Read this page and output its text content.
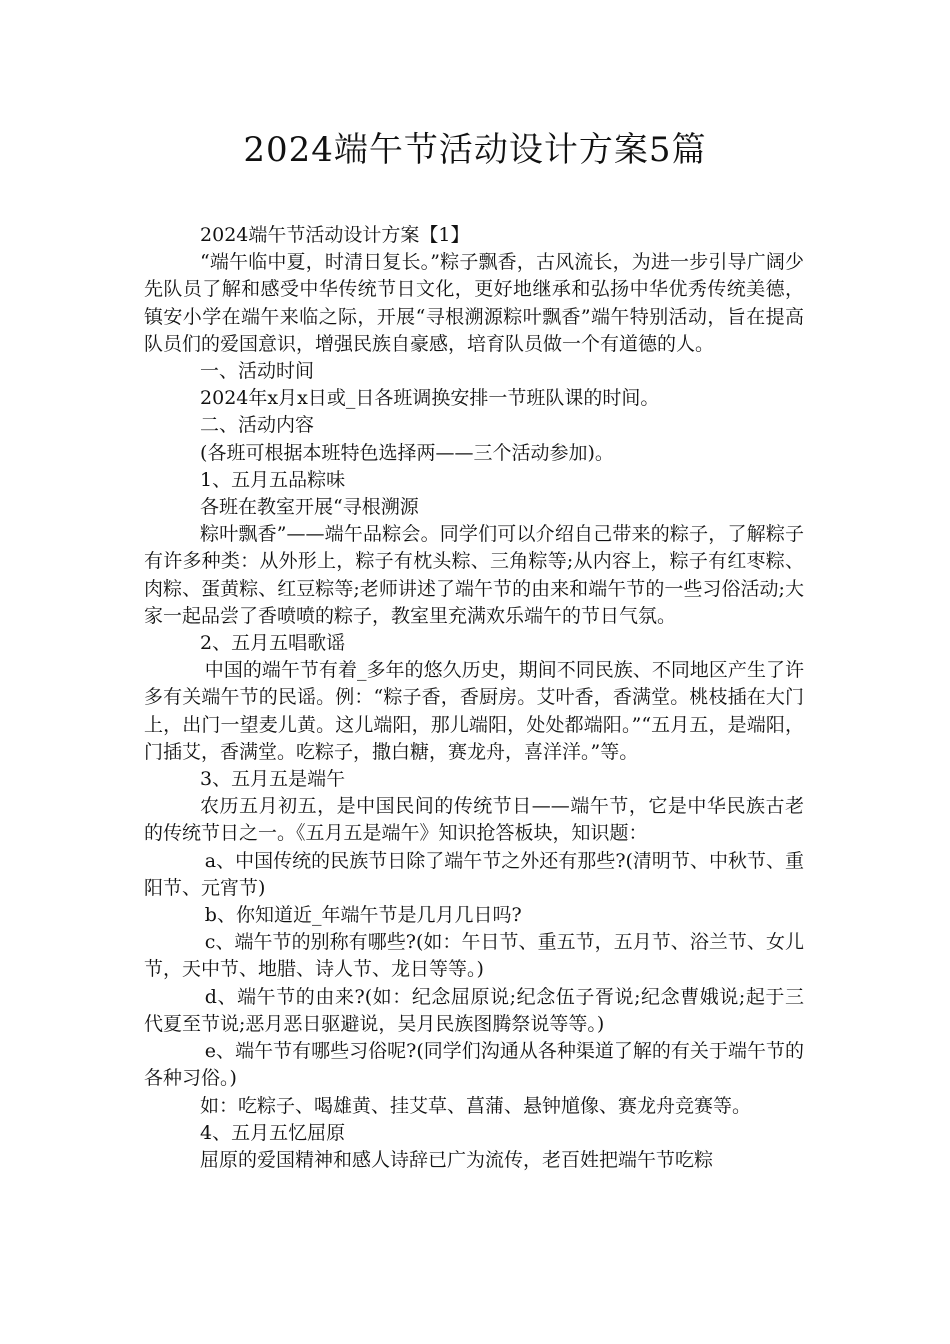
2024端午节活动设计方案5篇

2024端午节活动设计方案【1】

“端午临中夏，时清日复长。”粽子飘香，古风流长，为进一步引导广阔少先队员了解和感受中华传统节日文化，更好地继承和弘扬中华优秀传统美德，镇安小学在端午来临之际，开展“寻根溯源粽叶飘香”端午特别活动，旨在提高队员们的爱国意识，增强民族自豪感，培育队员做一个有道德的人。

一、活动时间

2024年x月x日或_日各班调换安排一节班队课的时间。

二、活动内容

(各班可根据本班特色选择两——三个活动参加)。

1、五月五品粽味

各班在教室开展“寻根溯源

粽叶飘香”——端午品粽会。同学们可以介绍自己带来的粽子，了解粽子有许多种类：从外形上，粽子有枕头粽、三角粽等;从内容上，粽子有红枣粽、肉粽、蛋黄粽、红豆粽等;老师讲述了端午节的由来和端午节的一些习俗活动;大家一起品尝了香喷喷的粽子，教室里充满欢乐端午的节日气氛。

2、五月五唱歌谣

中国的端午节有着_多年的悠久历史，期间不同民族、不同地区产生了许多有关端午节的民谣。例：“粽子香，香厨房。艾叶香，香满堂。桃枝插在大门上，出门一望麦儿黄。这儿端阳，那儿端阳，处处都端阳。”“五月五，是端阳，门插艾，香满堂。吃粽子，撒白糖，赛龙舟，喜洋洋。”等。

3、五月五是端午

农历五月初五，是中国民间的传统节日——端午节，它是中华民族古老的传统节日之一。《五月五是端午》知识抢答板块，知识题：

a、中国传统的民族节日除了端午节之外还有那些?(清明节、中秋节、重阳节、元宵节)

b、你知道近_年端午节是几月几日吗?

c、端午节的别称有哪些?(如：午日节、重五节，五月节、浴兰节、女儿节，天中节、地腊、诗人节、龙日等等。)

d、端午节的由来?(如：纪念屈原说;纪念伍子胥说;纪念曹娥说;起于三代夏至节说;恶月恶日驱避说，吴月民族图腾祭说等等。)

e、端午节有哪些习俗呢?(同学们沟通从各种渠道了解的有关于端午节的各种习俗。)

如：吃粽子、喝雄黄、挂艾草、菖蒲、悬钟馗像、赛龙舟竞赛等。

4、五月五忆屈原

屈原的爱国精神和感人诗辞已广为流传，老百姓把端午节吃粽
